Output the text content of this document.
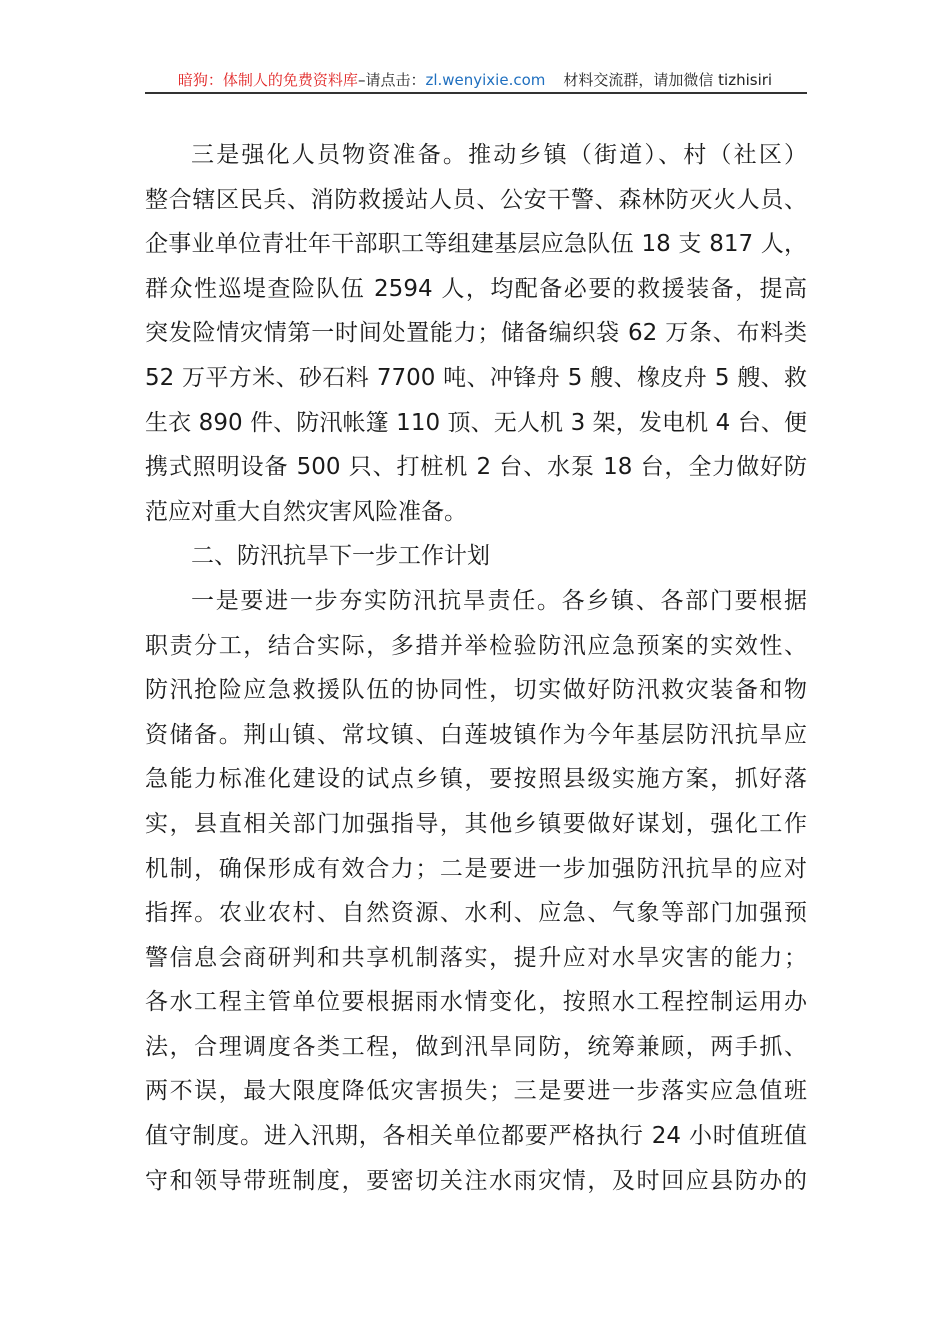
暗狗：体制人的免费资料库–请点击：zl.wenyixie.com 材料交流群，请加微信 tizhisiri
三是强化人员物资准备。推动乡镇（街道）、村（社区）
整合辖区民兵、消防救援站人员、公安干警、森林防灭火人员、
企事业单位青壮年干部职工等组建基层应急队伍 18 支 817 人，
群众性巡堤查险队伍 2594 人，均配备必要的救援装备，提高
突发险情灾情第一时间处置能力；储备编织袋 62 万条、布料类
52 万平方米、砂石料 7700 吨、冲锋舟 5 艘、橡皮舟 5 艘、救
生衣 890 件、防汛帐篷 110 顶、无人机 3 架，发电机 4 台、便
携式照明设备 500 只、打桩机 2 台、水泵 18 台，全力做好防
范应对重大自然灾害风险准备。
二、防汛抗旱下一步工作计划
一是要进一步夯实防汛抗旱责任。各乡镇、各部门要根据
职责分工，结合实际，多措并举检验防汛应急预案的实效性、
防汛抢险应急救援队伍的协同性，切实做好防汛救灾装备和物
资储备。荆山镇、常坟镇、白莲坡镇作为今年基层防汛抗旱应
急能力标准化建设的试点乡镇，要按照县级实施方案，抓好落
实，县直相关部门加强指导，其他乡镇要做好谋划，强化工作
机制，确保形成有效合力；二是要进一步加强防汛抗旱的应对
指挥。农业农村、自然资源、水利、应急、气象等部门加强预
警信息会商研判和共享机制落实，提升应对水旱灾害的能力；
各水工程主管单位要根据雨水情变化，按照水工程控制运用办
法，合理调度各类工程，做到汛旱同防，统筹兼顾，两手抓、
两不误，最大限度降低灾害损失；三是要进一步落实应急值班
值守制度。进入汛期，各相关单位都要严格执行 24 小时值班值
守和领导带班制度，要密切关注水雨灾情，及时回应县防办的
